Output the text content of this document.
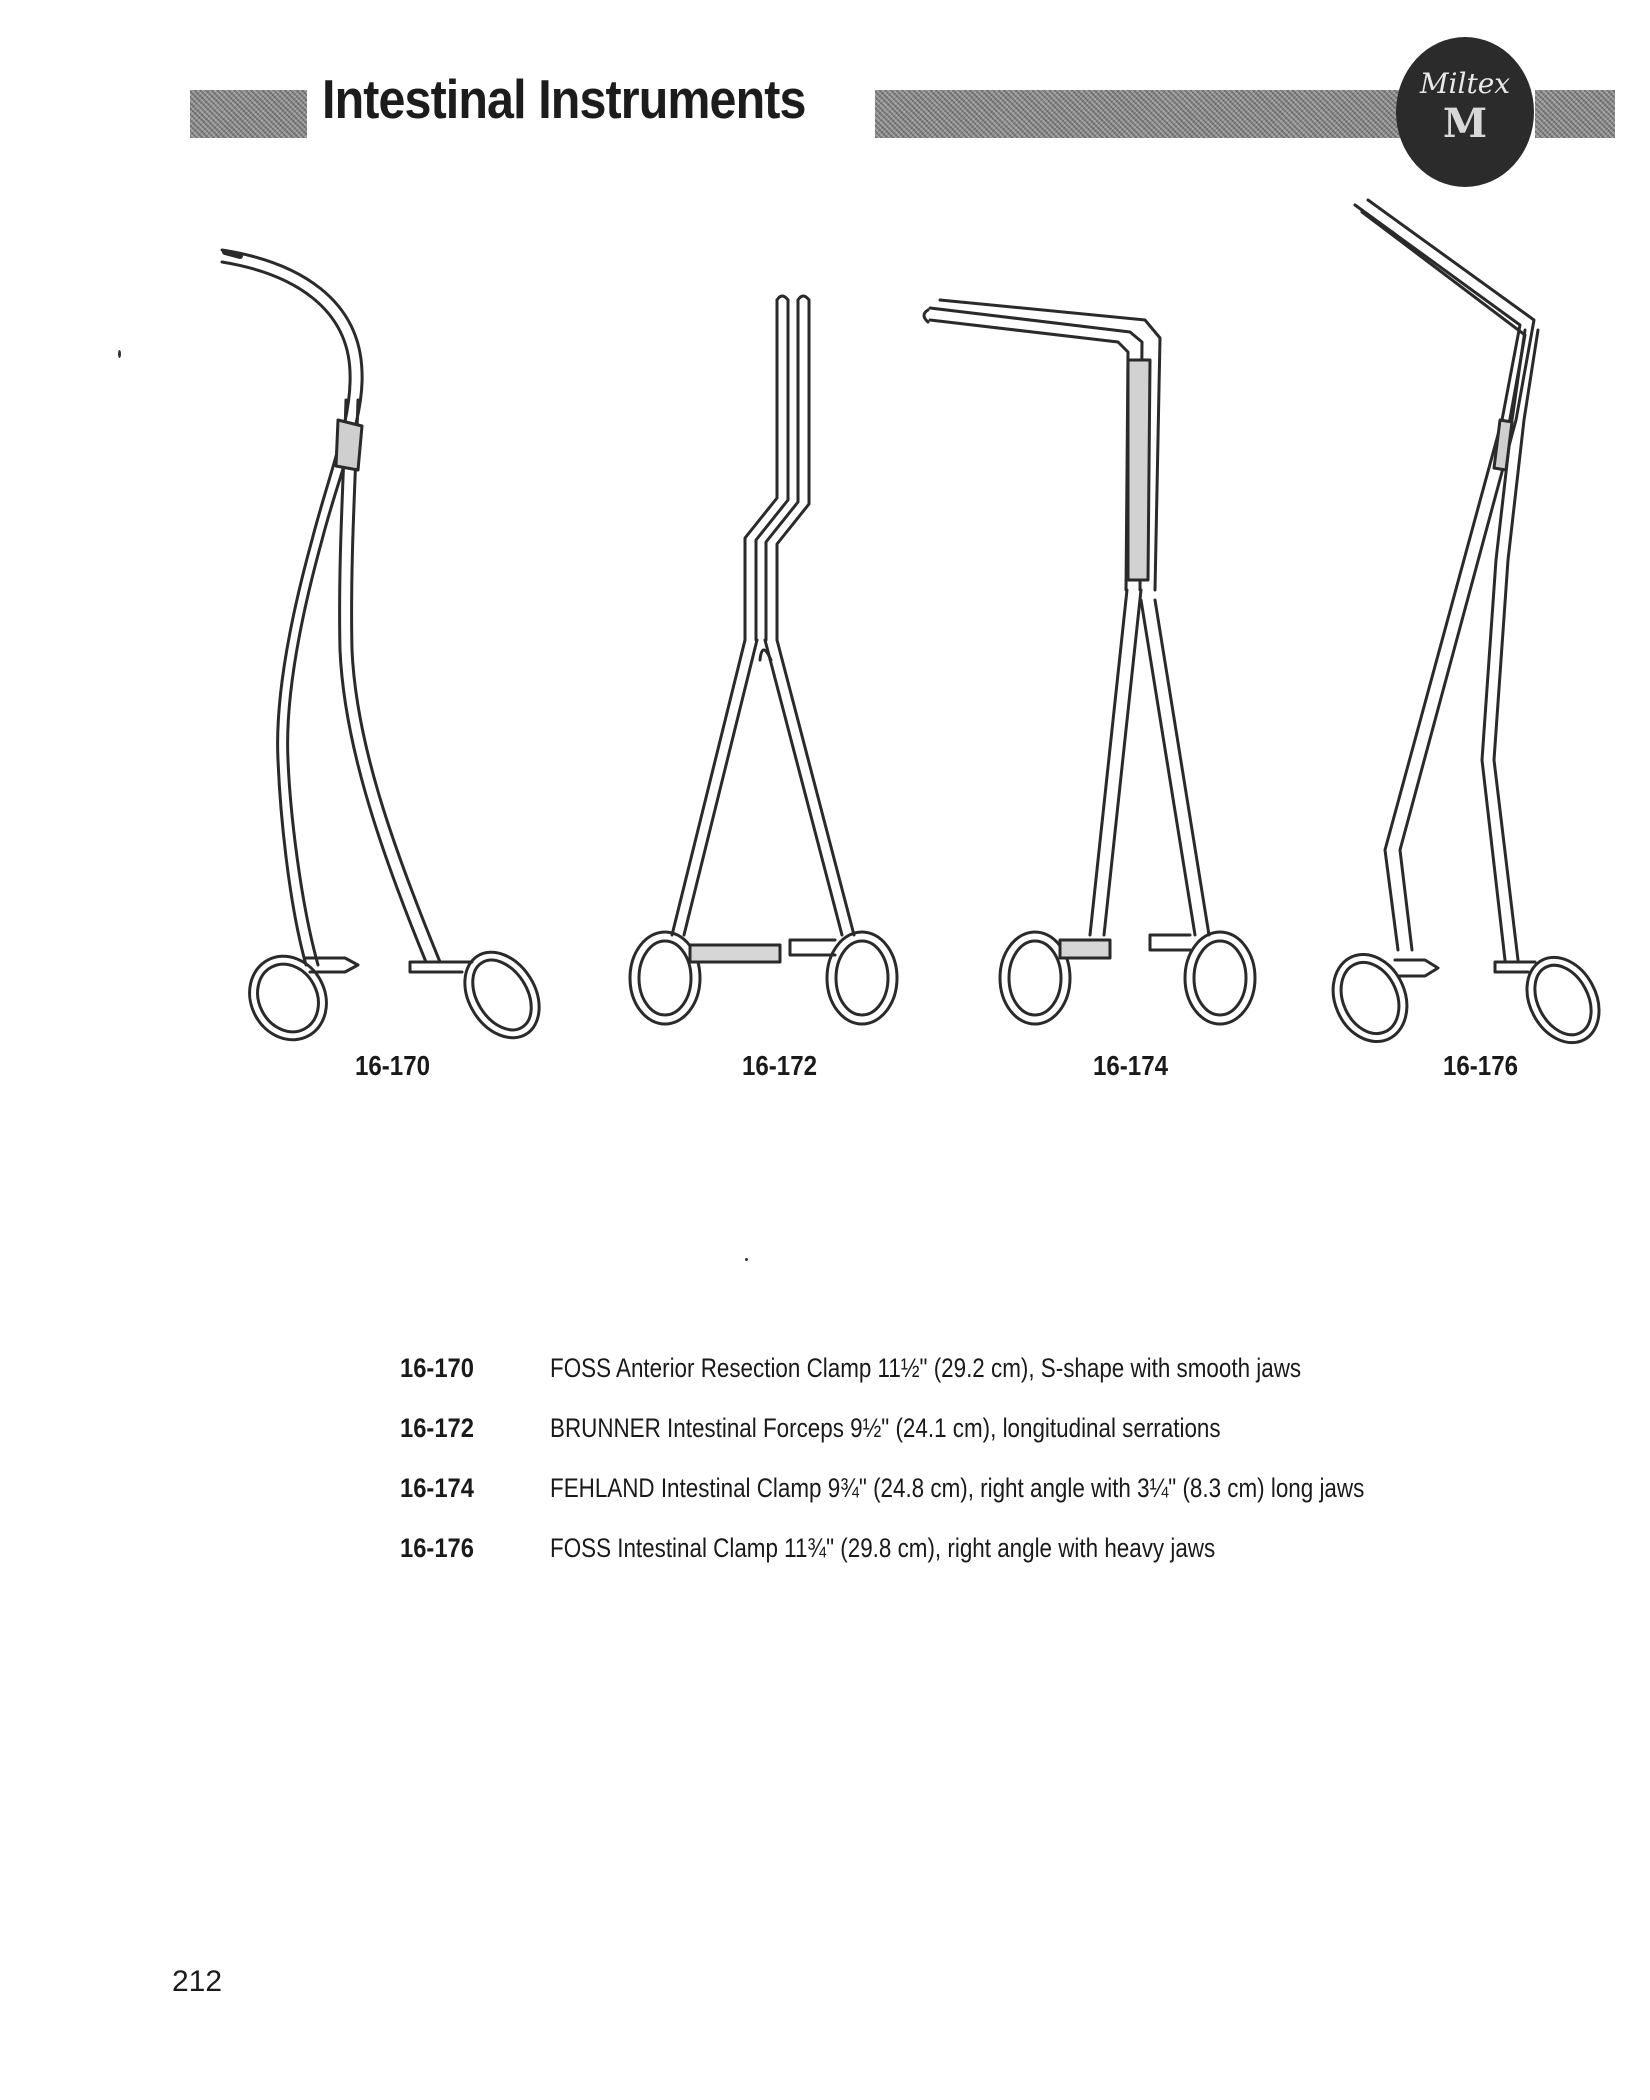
Intestinal Instruments	Miltex
M
16-170	16-172	16-174	16-176
16-170	FOSS Anterior Resection Clamp 11½" (29.2 cm), S-shape with smooth jaws
16-172	BRUNNER Intestinal Forceps 9½" (24.1 cm), longitudinal serrations
16-174	FEHLAND Intestinal Clamp 9¾" (24.8 cm), right angle with 3¼" (8.3 cm) long jaws
16-176	FOSS Intestinal Clamp 11¾" (29.8 cm), right angle with heavy jaws
212
